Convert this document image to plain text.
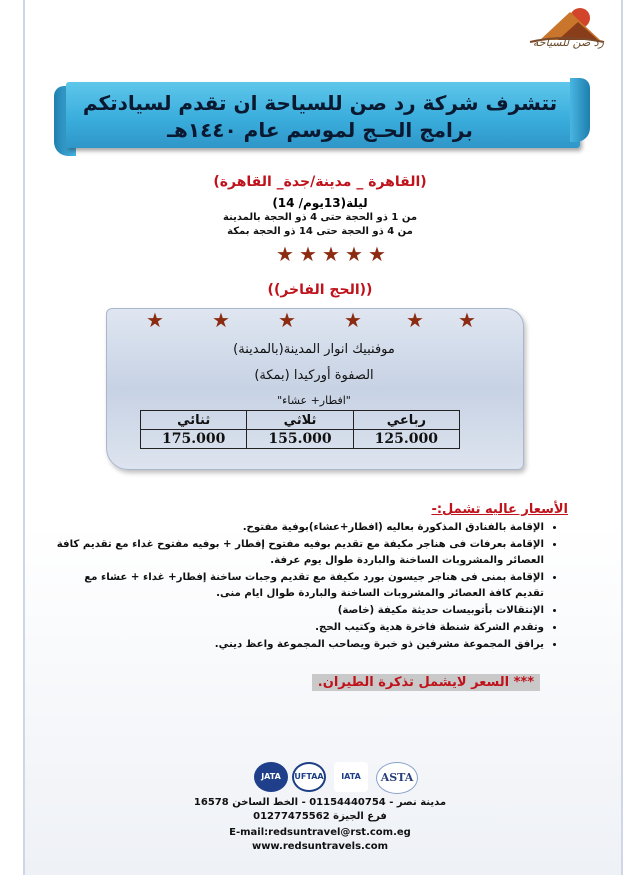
رد صن للسياحة
تتشرف شركة رد صن للسياحة ان تقدم لسيادتكم
برامج الحـج لموسم عام ١٤٤٠هـ
(القاهرة _ مدينة/جدة_ القاهرة)
ليلة(13يوم/ 14)
من 1 ذو الحجة حتى 4 ذو الحجة بالمدينة
من 4 ذو الحجة حتى 14 ذو الحجة بمكة
★ ★ ★ ★ ★
((الحج الفاخر))
★ ★ ★ ★ ★ ★
موفنبيك انوار المدينة(بالمدينة)
الصفوة أوركيدا (بمكة)
"افطار+ عشاء"
رباعي	ثلاثي	ثنائي
125.000	155.000	175.000
الأسعار عاليه تشمل:-
• الإقامة بالفنادق المذكورة بعاليه (افطار+عشاء)بوفية مفتوح.
• الإقامة بعرفات فى هناجر مكيفة مع تقديم بوفيه مفتوح إفطار + بوفيه مفتوح غداء مع تقديم كافة العصائر والمشروبات الساخنة والباردة طوال يوم عرفة.
• الإقامة بمنى فى هناجر جيسون بورد مكيفة مع تقديم وجبات ساخنة إفطار+ غداء + عشاء مع تقديم كافة العصائر والمشروبات الساخنة والباردة طوال ايام منى.
• الإنتقالات بأتوبيسات حديثة مكيفة (خاصة)
• وتقدم الشركة شنطة فاخرة هدية وكتيب الحج.
• يرافق المجموعة مشرفين ذو خبرة ويصاحب المجموعة واعظ ديني.
*** السعر لايشمل تذكرة الطيران.
JATA	UFTAA	IATA	ASTA
مدينة نصر - 01154440754 - الخط الساخن 16578
فرع الجيزة 01277475562
E-mail:redsuntravel@rst.com.eg
www.redsuntravels.com
